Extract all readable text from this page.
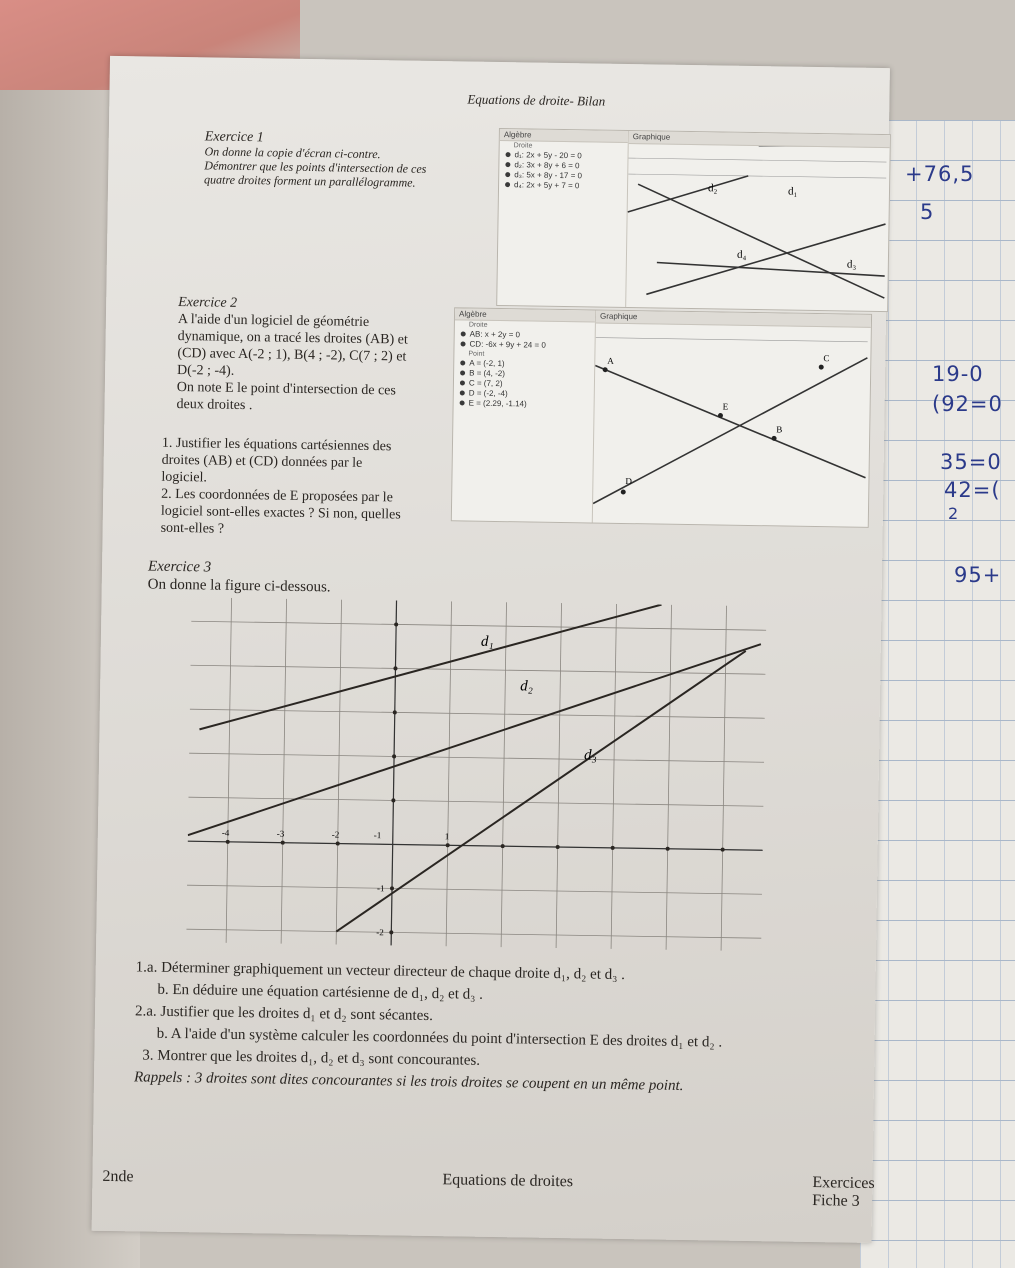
+76,5
5
19-0
(92=0
35=0
42=(
2
95+
Equations de droite- Bilan
Exercice 1
On donne la copie d'écran ci-contre.
Démontrer que les points d'intersection de ces
quatre droites forment un parallélogramme.
Algèbre
Droite
d₁: 2x + 5y - 20 = 0
d₂: 3x + 8y + 6 = 0
d₃: 5x + 8y - 17 = 0
d₄: 2x + 5y + 7 = 0
Graphique
d₂	d₁
d₄
d₃
Exercice 2
A l'aide d'un logiciel de géométrie
dynamique, on a tracé les droites (AB) et
(CD) avec A(-2 ; 1), B(4 ; -2), C(7 ; 2) et
D(-2 ; -4).
On note E le point d'intersection de ces
deux droites .
1. Justifier les équations cartésiennes des
droites (AB) et (CD) données par le
logiciel.
2. Les coordonnées de E proposées par le
logiciel sont-elles exactes ? Si non, quelles
sont-elles ?
Algèbre
Droite
AB: x + 2y = 0
CD: -6x + 9y + 24 = 0
Point
A = (-2, 1)
B = (4, -2)
C = (7, 2)
D = (-2, -4)
E = (2.29, -1.14)
Graphique
A
B
C
D
E
Exercice 3
On donne la figure ci-dessous.
d₁
d₂
d₃
-4	-3	-2	-1	1
-1
-2
1.a. Déterminer graphiquement un vecteur directeur de chaque droite d₁, d₂ et d₃ .
b. En déduire une équation cartésienne de d₁, d₂ et d₃ .
2.a. Justifier que les droites d₁ et d₂ sont sécantes.
b. A l'aide d'un système calculer les coordonnées du point d'intersection E des droites d₁ et d₂ .
3. Montrer que les droites d₁, d₂ et d₃ sont concourantes.
Rappels : 3 droites sont dites concourantes si les trois droites se coupent en un même point.
2nde	Equations de droites	Exercices Fiche 3
